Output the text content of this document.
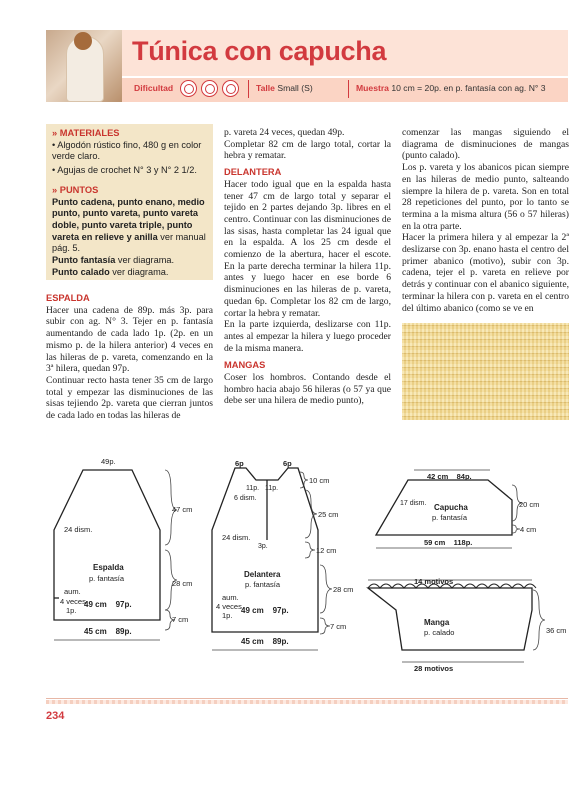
Túnica con capucha
Dificultad	Talle Small (S)	Muestra 10 cm = 20p. en p. fantasía con ag. N° 3
» MATERIALES

• Algodón rústico fino, 480 g en color verde claro.

• Agujas de crochet N° 3 y N° 2 1/2.

» PUNTOS

Punto cadena, punto enano, medio punto, punto vareta, punto vareta doble, punto vareta triple, punto vareta en relieve y anilla ver manual pág. 5.

Punto fantasía ver diagrama.

Punto calado ver diagrama.

ESPALDA

Hacer una cadena de 89p. más 3p. para subir con ag. N° 3. Tejer en p. fantasía aumentando de cada lado 1p. (2p. en un mismo p. de la hilera anterior) 4 veces en las hileras de p. vareta, comenzando en la 3ª hilera, quedan 97p.

Continuar recto hasta tener 35 cm de largo total y empezar las disminuciones de las sisas tejiendo 2p. vareta que cierran juntos de cada lado en todas las hileras de

p. vareta 24 veces, quedan 49p.

Completar 82 cm de largo total, cortar la hebra y rematar.

DELANTERA

Hacer todo igual que en la espalda hasta tener 47 cm de largo total y separar el tejido en 2 partes dejando 3p. libres en el centro. Continuar con las disminuciones de las sisas, hasta completar las 24 igual que en la espalda. A los 25 cm desde el comienzo de la abertura, hacer el escote. En la parte derecha terminar la hilera 11p. antes y luego hacer en ese borde 6 disminuciones en las hileras de p. vareta, quedan 6p. Completar los 82 cm de largo, cortar la hebra y rematar.

En la parte izquierda, deslizarse con 11p. antes al empezar la hilera y luego proceder de la misma manera.

MANGAS

Coser los hombros. Contando desde el hombro hacia abajo 56 hileras (o 57 ya que debe ser una hilera de medio punto),

comenzar las mangas siguiendo el diagrama de disminuciones de mangas (punto calado).

Los p. vareta y los abanicos pican siempre en las hileras de medio punto, salteando siempre la hilera de p. vareta. Son en total 28 repeticiones del punto, por lo tanto se termina a la misma altura (56 o 57 hileras) en la otra parte.

Hacer la primera hilera y al empezar la 2ª deslizarse con 3p. enano hasta el centro del primer abanico (motivo), subir con 3p. cadena, tejer el p. vareta en relieve por detrás y continuar con el abanico siguiente, terminar la hilera con p. vareta en el centro del último abanico (como se ve en

49p.
24 dism.
Espalda
p. fantasía
aum.
4 veces
1p.
49 cm    97p.
45 cm    89p.
47 cm
28 cm
7 cm
6p	6p
11p. 11p.
6 dism.
24 dism.
3p.
Delantera
p. fantasía
aum.
4 veces
1p.
49 cm    97p.
45 cm    89p.
10 cm
25 cm
12 cm
28 cm
7 cm
42 cm    84p.
17 dism. Capucha
p. fantasía
59 cm    118p.
20 cm
4 cm
14 motivos
Manga
p. calado
28 motivos
36 cm
234
